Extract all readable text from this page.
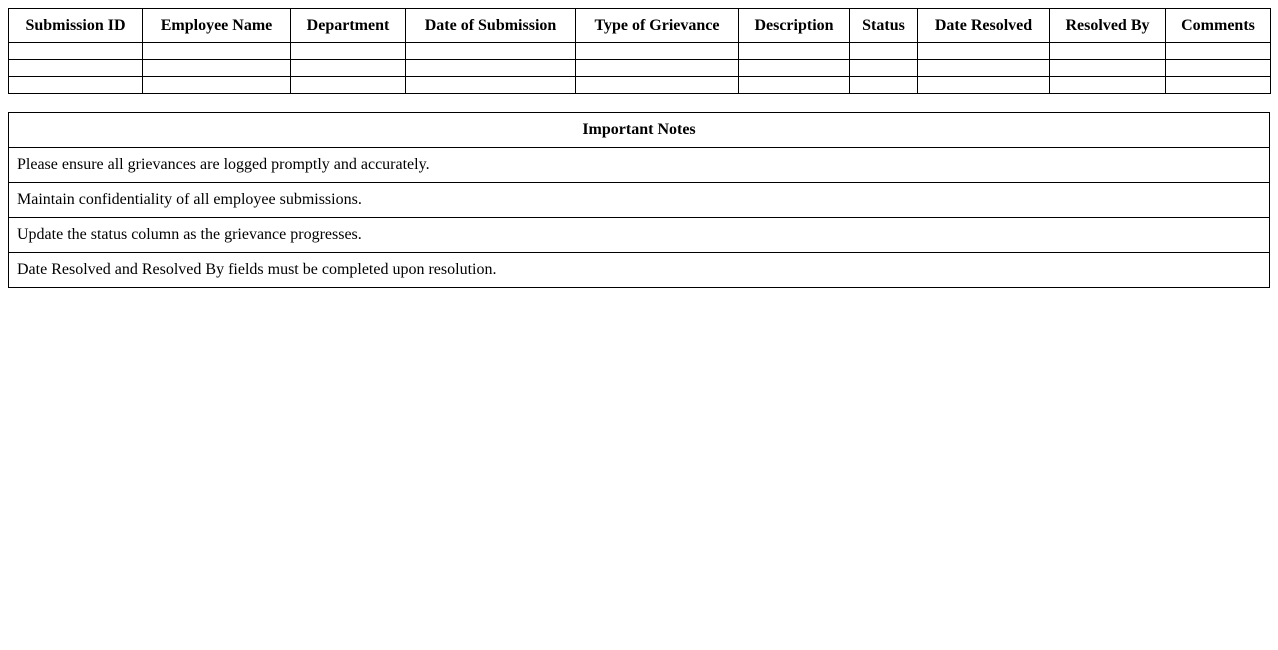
Submission ID	Employee Name	Department	Date of Submission	Type of Grievance	Description	Status	Date Resolved	Resolved By	Comments

Important Notes
Please ensure all grievances are logged promptly and accurately.
Maintain confidentiality of all employee submissions.
Update the status column as the grievance progresses.
Date Resolved and Resolved By fields must be completed upon resolution.
